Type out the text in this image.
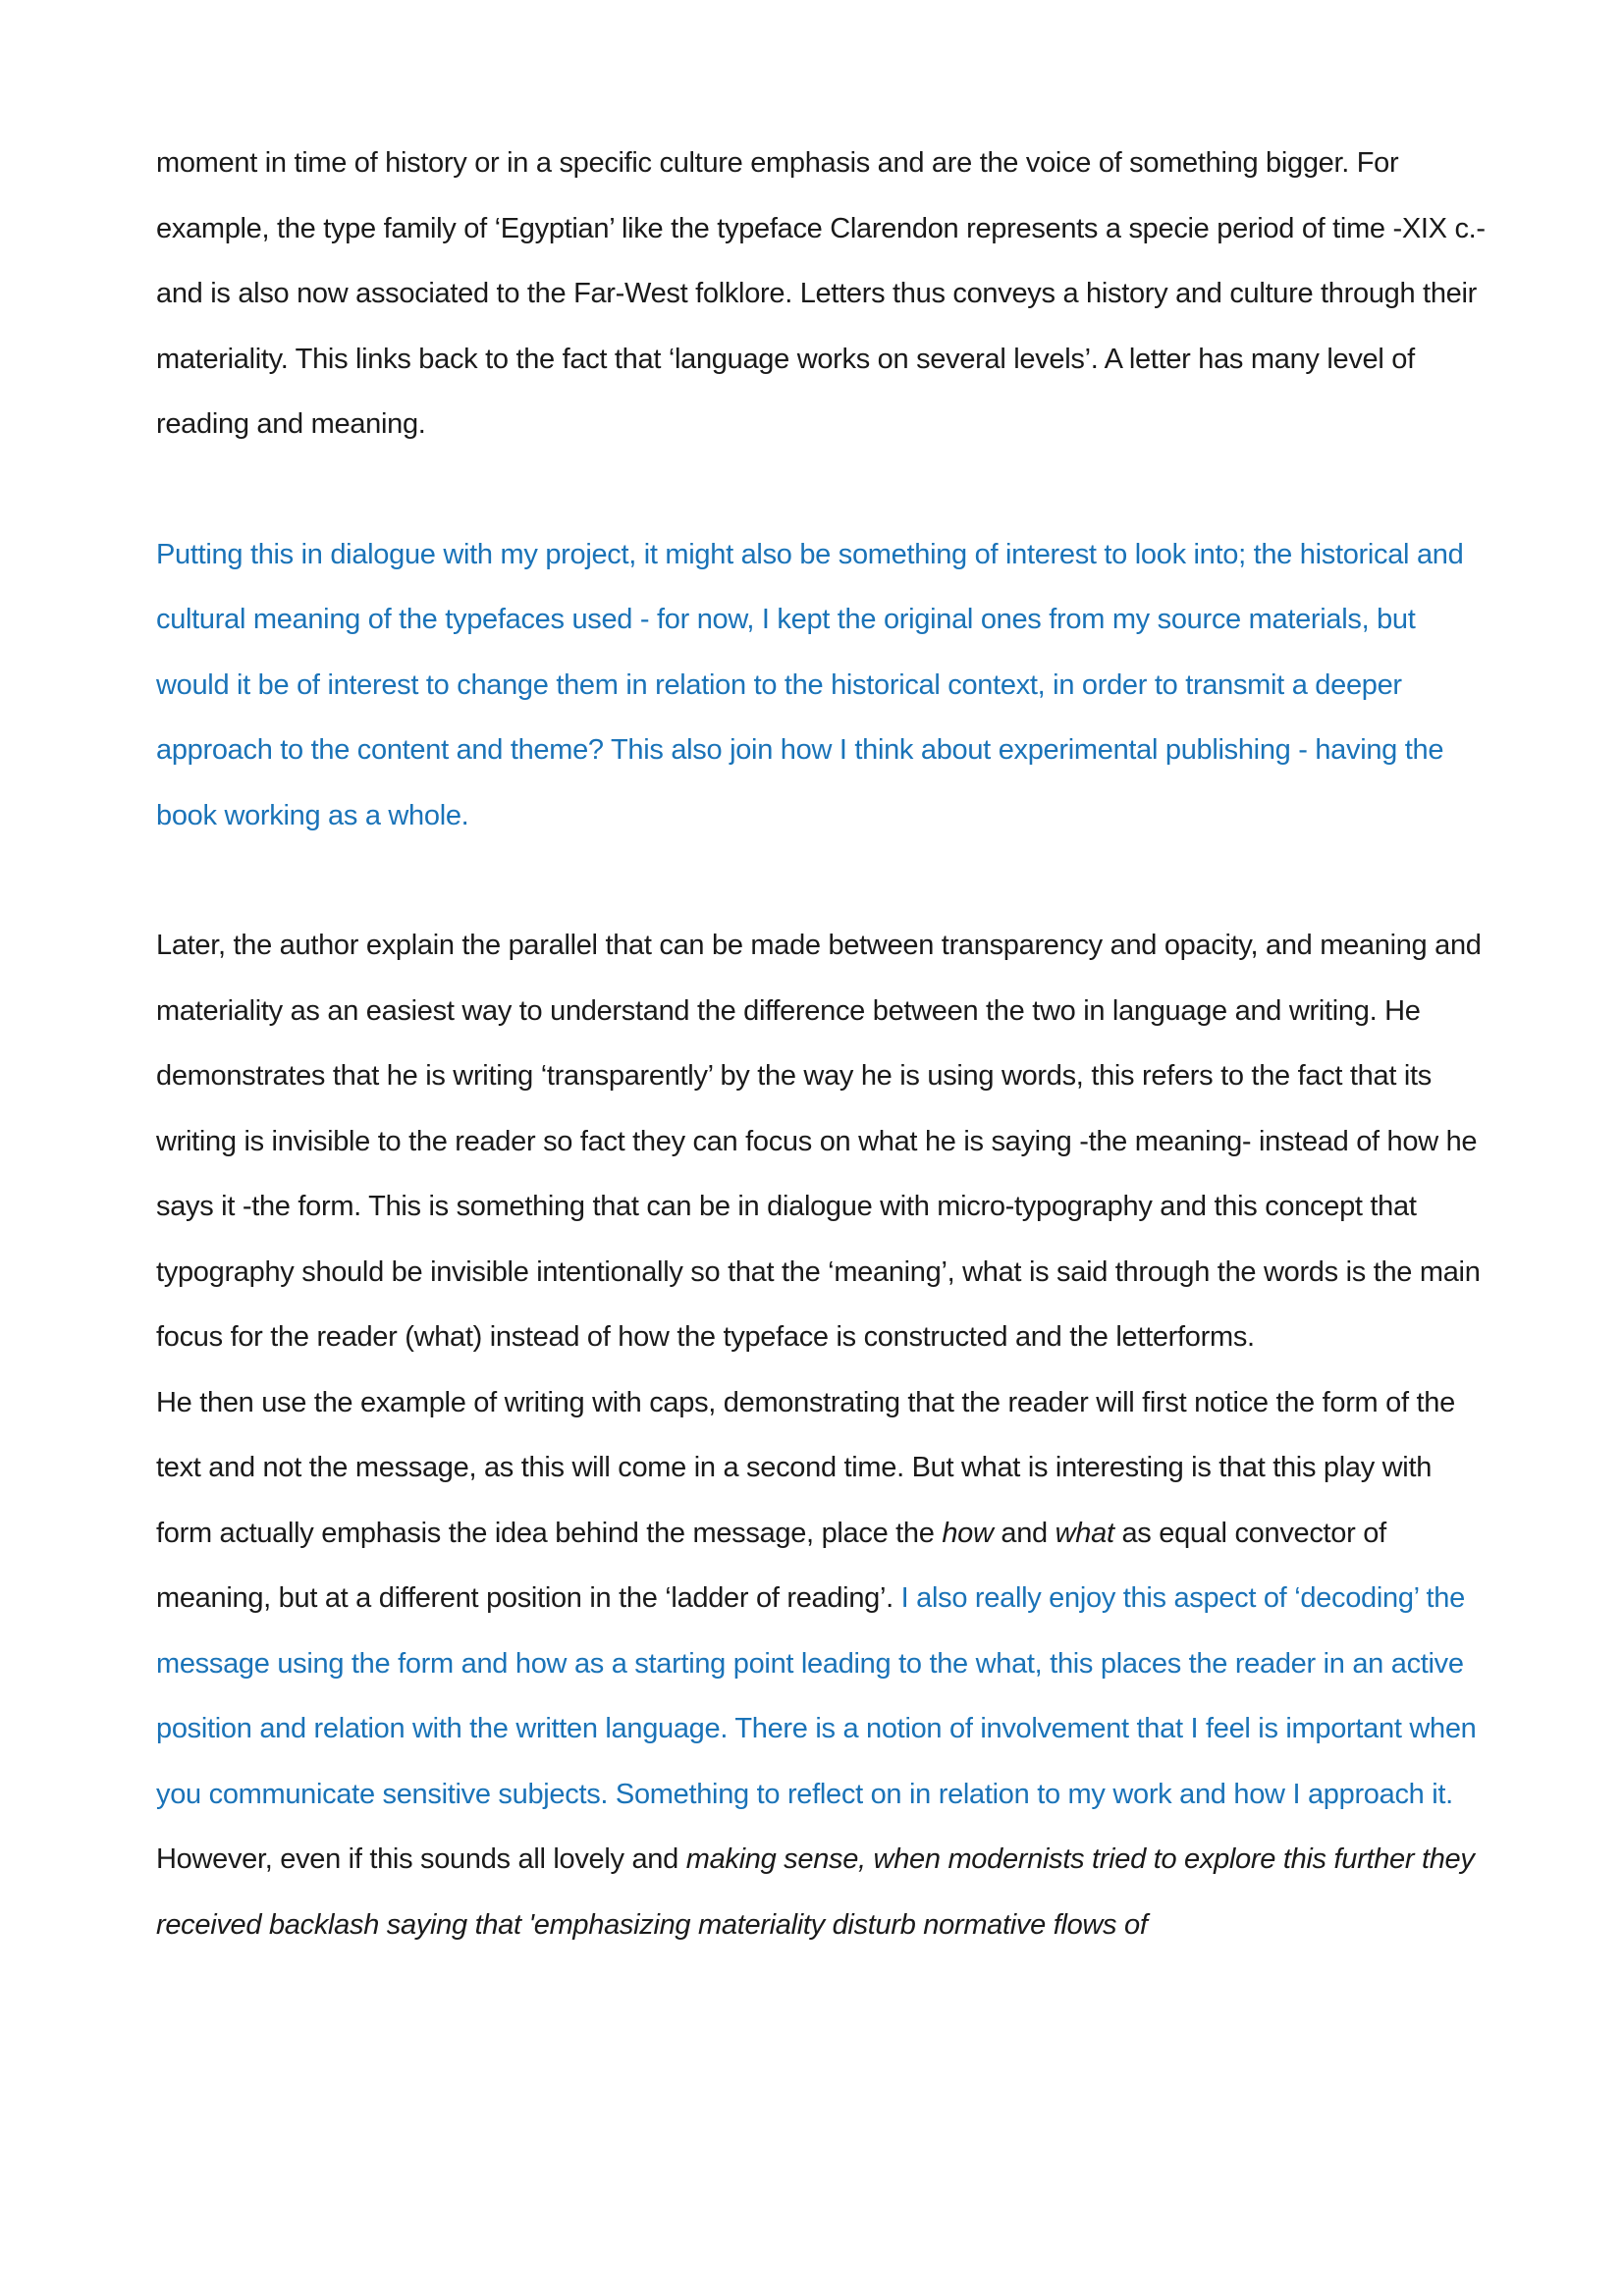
moment in time of history or in a specific culture emphasis and are the voice of something bigger. For example, the type family of ‘Egyptian’ like the typeface Clarendon represents a specie period of time -XIX c.- and is also now associated to the Far-West folklore. Letters thus conveys a history and culture through their materiality. This links back to the fact that ‘language works on several levels’. A letter has many level of reading and meaning.

Putting this in dialogue with my project, it might also be something of interest to look into; the historical and cultural meaning of the typefaces used - for now, I kept the original ones from my source materials, but would it be of interest to change them in relation to the historical context, in order to transmit a deeper approach to the content and theme? This also join how I think about experimental publishing - having the book working as a whole.

Later, the author explain the parallel that can be made between transparency and opacity, and meaning and materiality as an easiest way to understand the difference between the two in language and writing. He demonstrates that he is writing ‘transparently’ by the way he is using words, this refers to the fact that its writing is invisible to the reader so fact they can focus on what he is saying -the meaning- instead of how he says it -the form. This is something that can be in dialogue with micro-typography and this concept that typography should be invisible intentionally so that the ‘meaning’, what is said through the words is the main focus for the reader (what) instead of how the typeface is constructed and the letterforms.

He then use the example of writing with caps, demonstrating that the reader will first notice the form of the text and not the message, as this will come in a second time. But what is interesting is that this play with form actually emphasis the idea behind the message, place the how and what as equal convector of meaning, but at a different position in the ‘ladder of reading’. I also really enjoy this aspect of ‘decoding’ the message using the form and how as a starting point leading to the what, this places the reader in an active position and relation with the written language. There is a notion of involvement that I feel is important when you communicate sensitive subjects. Something to reflect on in relation to my work and how I approach it.

However, even if this sounds all lovely and making sense, when modernists tried to explore this further they received backlash saying that 'emphasizing materiality disturb normative flows of
